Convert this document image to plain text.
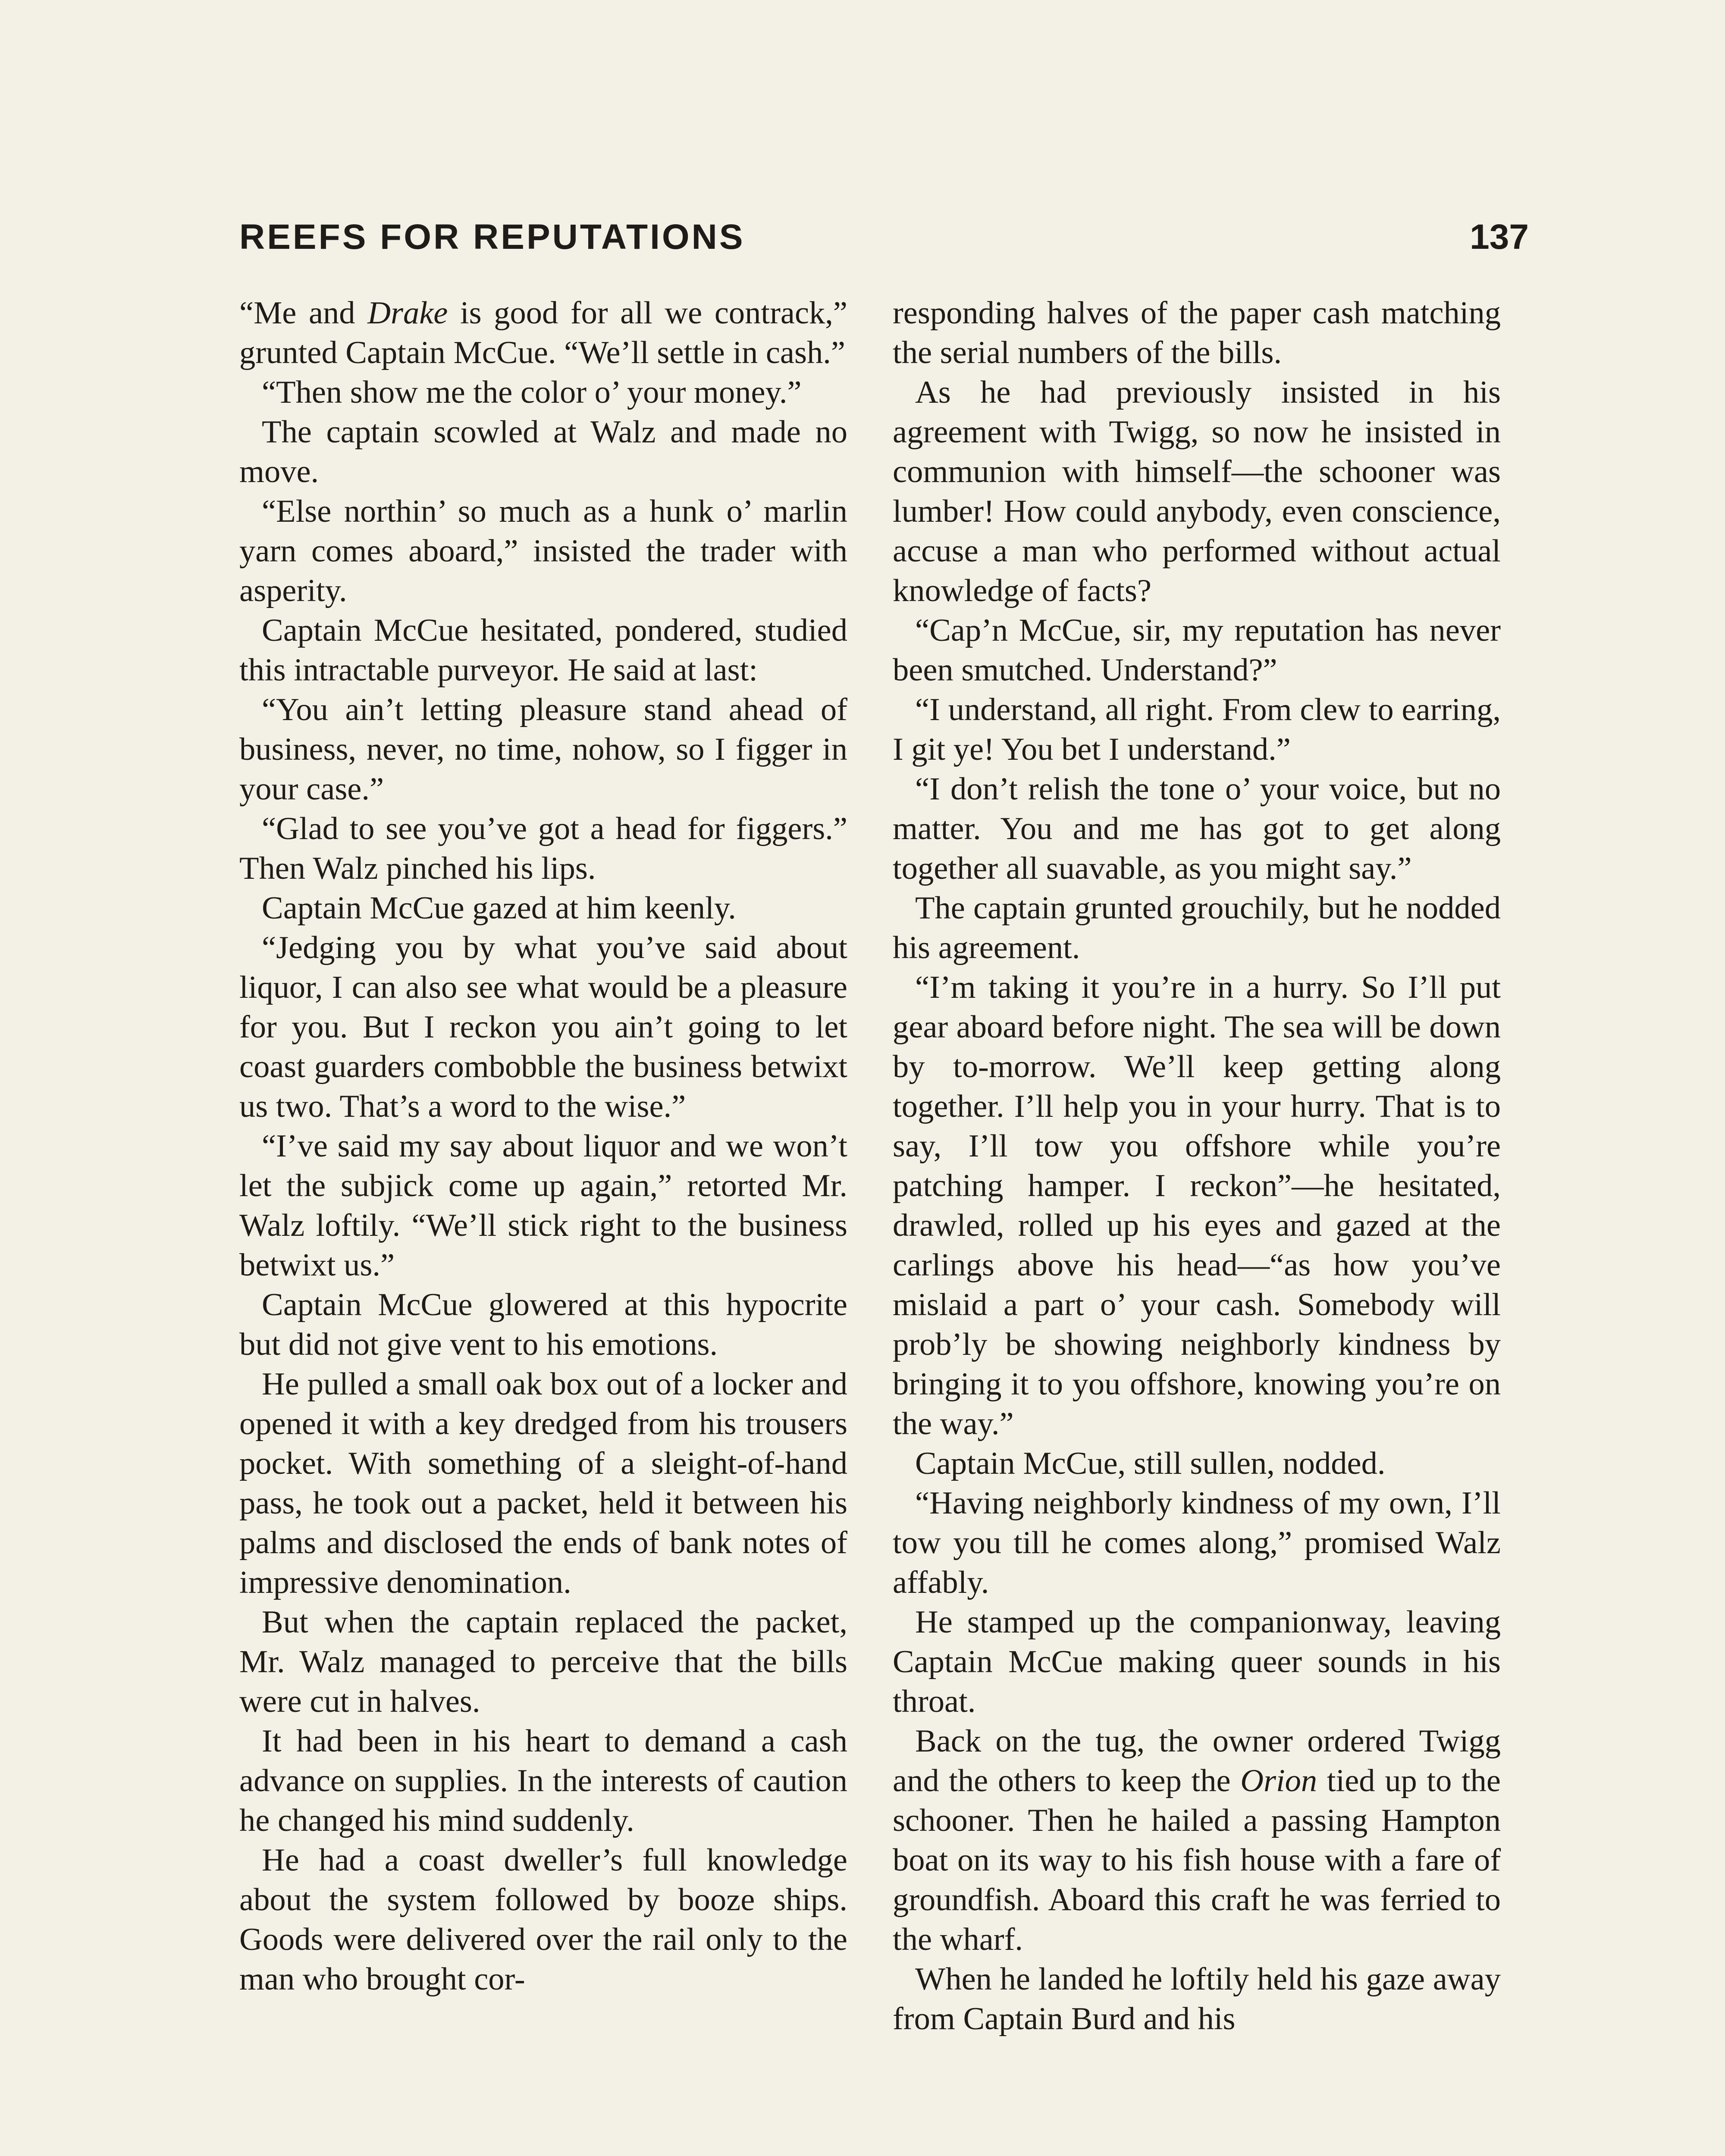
REEFS FOR REPUTATIONS	137

“Me and Drake is good for all we contrack,” grunted Captain McCue. “We’ll settle in cash.”

“Then show me the color o’ your money.”

The captain scowled at Walz and made no move.

“Else northin’ so much as a hunk o’ marlin yarn comes aboard,” insisted the trader with asperity.

Captain McCue hesitated, pondered, studied this intractable purveyor. He said at last:

“You ain’t letting pleasure stand ahead of business, never, no time, nohow, so I figger in your case.”

“Glad to see you’ve got a head for figgers.” Then Walz pinched his lips.

Captain McCue gazed at him keenly.

“Jedging you by what you’ve said about liquor, I can also see what would be a pleasure for you. But I reckon you ain’t going to let coast guarders combobble the business betwixt us two. That’s a word to the wise.”

“I’ve said my say about liquor and we won’t let the subjick come up again,” retorted Mr. Walz loftily. “We’ll stick right to the business betwixt us.”

Captain McCue glowered at this hypocrite but did not give vent to his emotions.

He pulled a small oak box out of a locker and opened it with a key dredged from his trousers pocket. With something of a sleight-of-hand pass, he took out a packet, held it between his palms and disclosed the ends of bank notes of impressive denomination.

But when the captain replaced the packet, Mr. Walz managed to perceive that the bills were cut in halves.

It had been in his heart to demand a cash advance on supplies. In the interests of caution he changed his mind suddenly.

He had a coast dweller’s full knowledge about the system followed by booze ships. Goods were delivered over the rail only to the man who brought cor-

responding halves of the paper cash matching the serial numbers of the bills.

As he had previously insisted in his agreement with Twigg, so now he insisted in communion with himself—the schooner was lumber! How could anybody, even conscience, accuse a man who performed without actual knowledge of facts?

“Cap’n McCue, sir, my reputation has never been smutched. Understand?”

“I understand, all right. From clew to earring, I git ye! You bet I understand.”

“I don’t relish the tone o’ your voice, but no matter. You and me has got to get along together all suavable, as you might say.”

The captain grunted grouchily, but he nodded his agreement.

“I’m taking it you’re in a hurry. So I’ll put gear aboard before night. The sea will be down by to-morrow. We’ll keep getting along together. I’ll help you in your hurry. That is to say, I’ll tow you offshore while you’re patching hamper. I reckon”—he hesitated, drawled, rolled up his eyes and gazed at the carlings above his head—“as how you’ve mislaid a part o’ your cash. Somebody will prob’ly be showing neighborly kindness by bringing it to you offshore, knowing you’re on the way.”

Captain McCue, still sullen, nodded.

“Having neighborly kindness of my own, I’ll tow you till he comes along,” promised Walz affably.

He stamped up the companionway, leaving Captain McCue making queer sounds in his throat.

Back on the tug, the owner ordered Twigg and the others to keep the Orion tied up to the schooner. Then he hailed a passing Hampton boat on its way to his fish house with a fare of groundfish. Aboard this craft he was ferried to the wharf.

When he landed he loftily held his gaze away from Captain Burd and his
